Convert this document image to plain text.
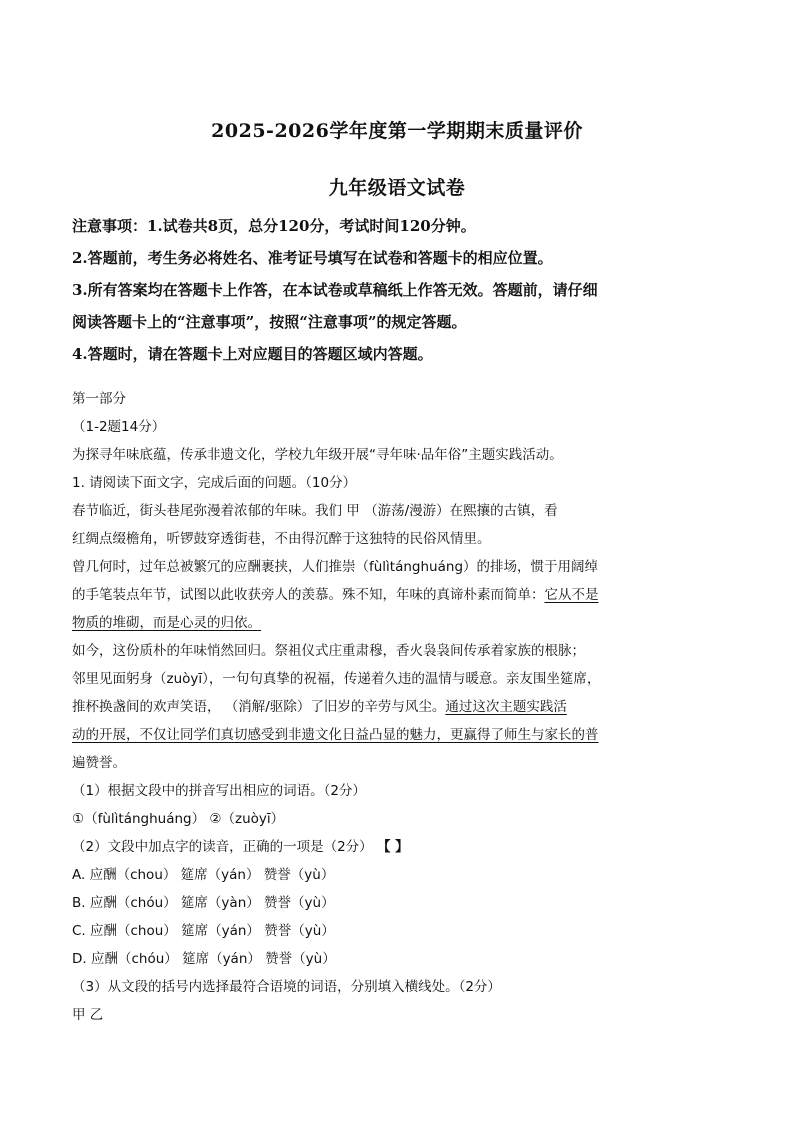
2025-2026学年度第一学期期末质量评价
九年级语文试卷
注意事项：1.试卷共8页，总分120分，考试时间120分钟。
2.答题前，考生务必将姓名、准考证号填写在试卷和答题卡的相应位置。
3.所有答案均在答题卡上作答，在本试卷或草稿纸上作答无效。答题前，请仔细
阅读答题卡上的“注意事项”，按照“注意事项”的规定答题。
4.答题时，请在答题卡上对应题目的答题区域内答题。
第一部分
（1-2题14分）
为探寻年味底蕴，传承非遗文化，学校九年级开展“寻年味·品年俗”主题实践活动。
1. 请阅读下面文字，完成后面的问题。（10分）
春节临近，街头巷尾弥漫着浓郁的年味。我们 甲 （游荡/漫游）在熙攘的古镇，看
红绸点缀檐角，听锣鼓穿透街巷，不由得沉醉于这独特的民俗风情里。
曾几何时，过年总被繁冗的应酬裹挟，人们推崇（fùlìtánghuáng）的排场，惯于用阔绰
的手笔装点年节，试图以此收获旁人的羡慕。殊不知，年味的真谛朴素而简单：它从不是
物质的堆砌，而是心灵的归依。
如今，这份质朴的年味悄然回归。祭祖仪式庄重肃穆，香火袅袅间传承着家族的根脉；
邻里见面躬身（zuòyī），一句句真挚的祝福，传递着久违的温情与暖意。亲友围坐筵席，
推杯换盏间的欢声笑语， （消解/驱除）了旧岁的辛劳与风尘。通过这次主题实践活
动的开展，不仅让同学们真切感受到非遗文化日益凸显的魅力，更赢得了师生与家长的普
遍赞誉。
（1）根据文段中的拼音写出相应的词语。（2分）
①（fùlìtánghuáng） ②（zuòyī）
（2）文段中加点字的读音，正确的一项是（2分） 【 】
A. 应酬（chou） 筵席（yán） 赞誉（yù）
B. 应酬（chóu） 筵席（yàn） 赞誉（yù）
C. 应酬（chou） 筵席（yán） 赞誉（yù）
D. 应酬（chóu） 筵席（yán） 赞誉（yù）
（3）从文段的括号内选择最符合语境的词语，分别填入横线处。（2分）
甲 乙
